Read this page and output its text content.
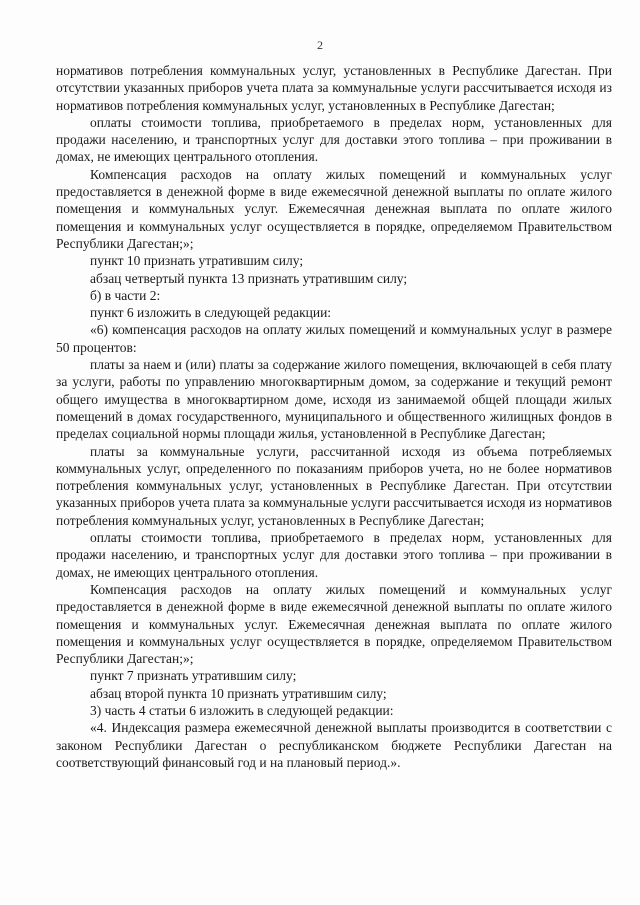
2

нормативов потребления коммунальных услуг, установленных в Республике Дагестан. При отсутствии указанных приборов учета плата за коммунальные услуги рассчитывается исходя из нормативов потребления коммунальных услуг, установленных в Республике Дагестан;

оплаты стоимости топлива, приобретаемого в пределах норм, установленных для продажи населению, и транспортных услуг для доставки этого топлива – при проживании в домах, не имеющих центрального отопления.

Компенсация расходов на оплату жилых помещений и коммунальных услуг предоставляется в денежной форме в виде ежемесячной денежной выплаты по оплате жилого помещения и коммунальных услуг. Ежемесячная денежная выплата по оплате жилого помещения и коммунальных услуг осуществляется в порядке, определяемом Правительством Республики Дагестан;»;

пункт 10 признать утратившим силу;

абзац четвертый пункта 13 признать утратившим силу;

б) в части 2:

пункт 6 изложить в следующей редакции:

«6) компенсация расходов на оплату жилых помещений и коммунальных услуг в размере 50 процентов:

платы за наем и (или) платы за содержание жилого помещения, включающей в себя плату за услуги, работы по управлению многоквартирным домом, за содержание и текущий ремонт общего имущества в многоквартирном доме, исходя из занимаемой общей площади жилых помещений в домах государственного, муниципального и общественного жилищных фондов в пределах социальной нормы площади жилья, установленной в Республике Дагестан;

платы за коммунальные услуги, рассчитанной исходя из объема потребляемых коммунальных услуг, определенного по показаниям приборов учета, но не более нормативов потребления коммунальных услуг, установленных в Республике Дагестан. При отсутствии указанных приборов учета плата за коммунальные услуги рассчитывается исходя из нормативов потребления коммунальных услуг, установленных в Республике Дагестан;

оплаты стоимости топлива, приобретаемого в пределах норм, установленных для продажи населению, и транспортных услуг для доставки этого топлива – при проживании в домах, не имеющих центрального отопления.

Компенсация расходов на оплату жилых помещений и коммунальных услуг предоставляется в денежной форме в виде ежемесячной денежной выплаты по оплате жилого помещения и коммунальных услуг. Ежемесячная денежная выплата по оплате жилого помещения и коммунальных услуг осуществляется в порядке, определяемом Правительством Республики Дагестан;»;

пункт 7 признать утратившим силу;

абзац второй пункта 10 признать утратившим силу;

3) часть 4 статьи 6 изложить в следующей редакции:

«4. Индексация размера ежемесячной денежной выплаты производится в соответствии с законом Республики Дагестан о республиканском бюджете Республики Дагестан на соответствующий финансовый год и на плановый период.».
